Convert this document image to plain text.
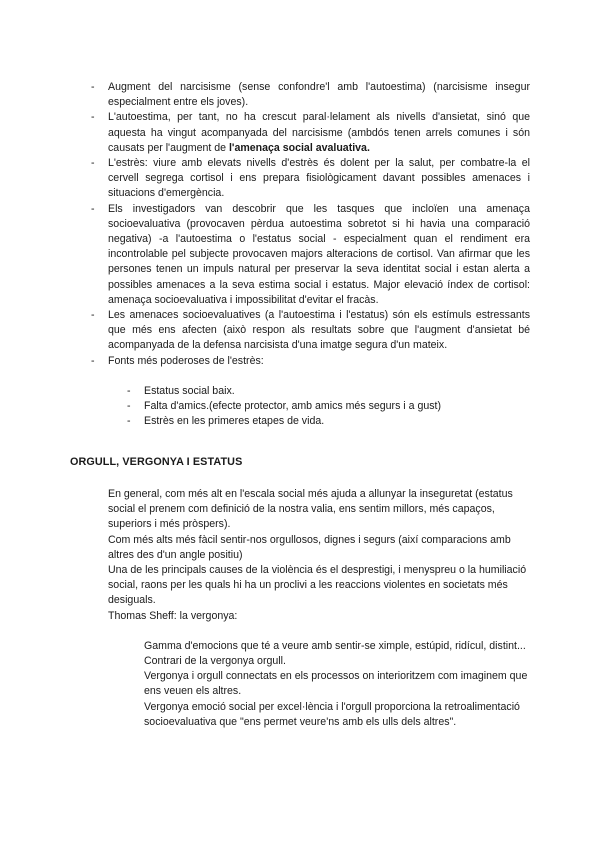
- Augment del narcisisme (sense confondre'l amb l'autoestima) (narcisisme insegur especialment entre els joves).
- L'autoestima, per tant, no ha crescut paral·lelament als nivells d'ansietat, sinó que aquesta ha vingut acompanyada del narcisisme (ambdós tenen arrels comunes i són causats per l'augment de l'amenaça social avaluativa.
- L'estrès: viure amb elevats nivells d'estrès és dolent per la salut, per combatre-la el cervell segrega cortisol i ens prepara fisiològicament davant possibles amenaces i situacions d'emergència.
- Els investigadors van descobrir que les tasques que incloïen una amenaça socioevaluativa (provocaven pèrdua autoestima sobretot si hi havia una comparació negativa) -a l'autoestima o l'estatus social - especialment quan el rendiment era incontrolable pel subjecte provocaven majors alteracions de cortisol. Van afirmar que les persones tenen un impuls natural per preservar la seva identitat social i estan alerta a possibles amenaces a la seva estima social i estatus. Major elevació índex de cortisol: amenaça socioevaluativa i impossibilitat d'evitar el fracàs.
- Les amenaces socioevaluatives (a l'autoestima i l'estatus) són els estímuls estressants que més ens afecten (això respon als resultats sobre que l'augment d'ansietat bé acompanyada de la defensa narcisista d'una imatge segura d'un mateix.
- Fonts més poderoses de l'estrès:
- Estatus social baix.
- Falta d'amics.(efecte protector, amb amics més segurs i a gust)
- Estrès en les primeres etapes de vida.
ORGULL, VERGONYA I ESTATUS
En general, com més alt en l'escala social més ajuda a allunyar la inseguretat (estatus social el prenem com definició de la nostra valia, ens sentim millors, més capaços, superiors i més pròspers).
Com més alts més fàcil sentir-nos orgullosos, dignes i segurs (així comparacions amb altres des d'un angle positiu)
Una de les principals causes de la violència és el desprestigi, i menyspreu o la humiliació social, raons per les quals hi ha un proclivi a les reaccions violentes en societats més desiguals.
Thomas Sheff: la vergonya:
Gamma d'emocions que té a veure amb sentir-se ximple, estúpid, ridícul, distint...
Contrari de la vergonya orgull.
Vergonya i orgull connectats en els processos on interioritzem com imaginem que ens veuen els altres.
Vergonya emoció social per excel·lència i l'orgull proporciona la retroalimentació socioevaluativa que "ens permet veure'ns amb els ulls dels altres".
